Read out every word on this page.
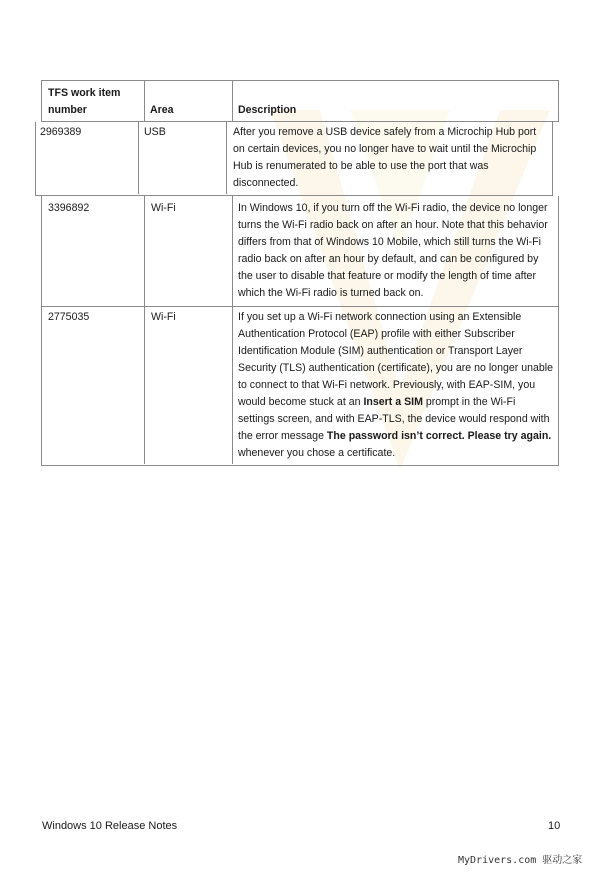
TFS work item number	Area	Description
2969389	USB	After you remove a USB device safely from a Microchip Hub port on certain devices, you no longer have to wait until the Microchip Hub is renumerated to be able to use the port that was disconnected.
3396892	Wi-Fi	In Windows 10, if you turn off the Wi-Fi radio, the device no longer turns the Wi-Fi radio back on after an hour. Note that this behavior differs from that of Windows 10 Mobile, which still turns the Wi-Fi radio back on after an hour by default, and can be configured by the user to disable that feature or modify the length of time after which the Wi-Fi radio is turned back on.
2775035	Wi-Fi	If you set up a Wi-Fi network connection using an Extensible Authentication Protocol (EAP) profile with either Subscriber Identification Module (SIM) authentication or Transport Layer Security (TLS) authentication (certificate), you are no longer unable to connect to that Wi-Fi network. Previously, with EAP-SIM, you would become stuck at an Insert a SIM prompt in the Wi-Fi settings screen, and with EAP-TLS, the device would respond with the error message The password isn’t correct. Please try again. whenever you chose a certificate.
Windows 10 Release Notes	10
MyDrivers.com 驱动之家
